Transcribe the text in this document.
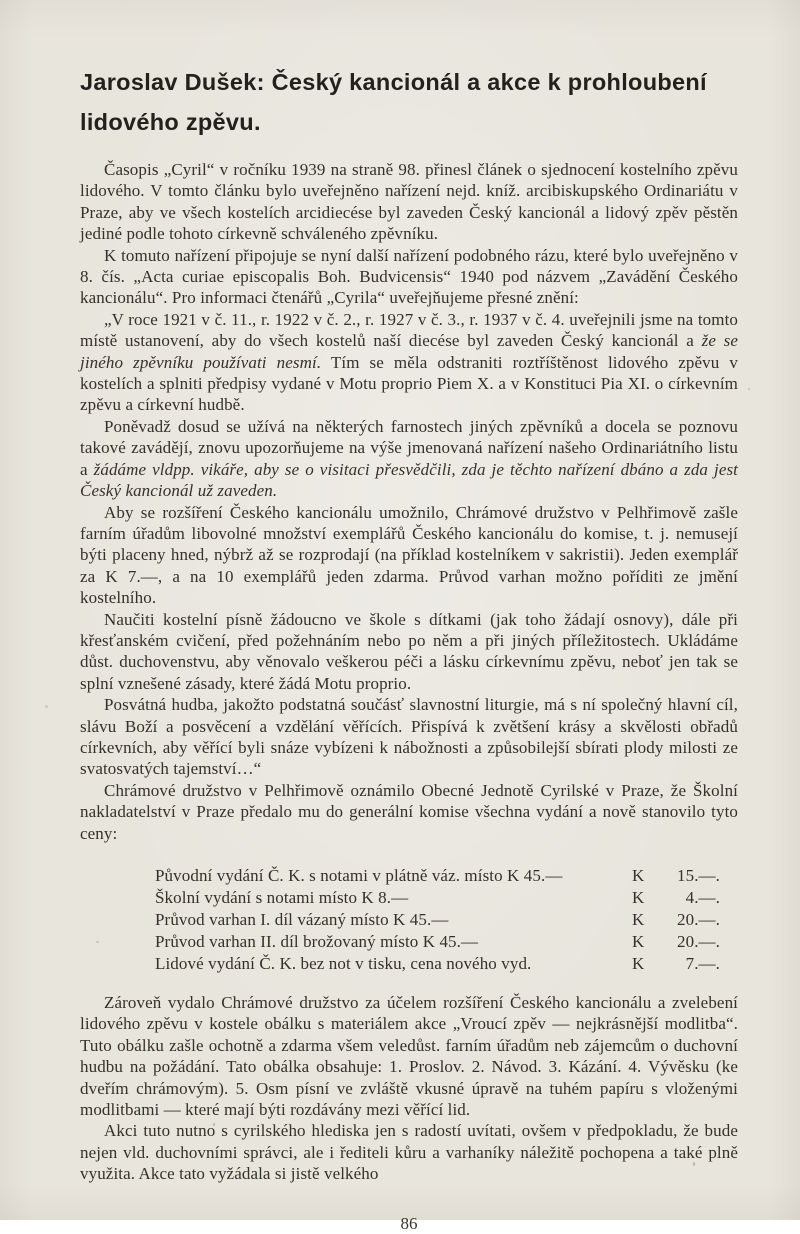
Jaroslav Dušek: Český kancionál a akce k prohloubení
lidového zpěvu.

Časopis „Cyril“ v ročníku 1939 na straně 98. přinesl článek o sjednocení kostelního zpěvu lidového. V tomto článku bylo uveřejněno nařízení nejd. kníž. arcibiskupského Ordinariátu v Praze, aby ve všech kostelích arcidiecése byl zaveden Český kancionál a lidový zpěv pěstěn jediné podle tohoto církevně schváleného zpěvníku.

K tomuto nařízení připojuje se nyní další nařízení podobného rázu, které bylo uveřejněno v 8. čís. „Acta curiae episcopalis Boh. Budvicensis“ 1940 pod názvem „Zavádění Českého kancionálu“. Pro informaci čtenářů „Cyrila“ uveřejňujeme přesné znění:

„V roce 1921 v č. 11., r. 1922 v č. 2., r. 1927 v č. 3., r. 1937 v č. 4. uveřejnili jsme na tomto místě ustanovení, aby do všech kostelů naší diecése byl zaveden Český kancionál a že se jiného zpěvníku používati nesmí. Tím se měla odstraniti roztříštěnost lidového zpěvu v kostelích a splniti předpisy vydané v Motu proprio Piem X. a v Konstituci Pia XI. o církevním zpěvu a církevní hudbě.

Poněvadž dosud se užívá na některých farnostech jiných zpěvníků a docela se poznovu takové zavádějí, znovu upozorňujeme na výše jmenovaná nařízení našeho Ordinariátního listu a žádáme vldpp. vikáře, aby se o visitaci přesvědčili, zda je těchto nařízení dbáno a zda jest Český kancionál už zaveden.

Aby se rozšíření Českého kancionálu umožnilo, Chrámové družstvo v Pelhřimově zašle farním úřadům libovolné množství exemplářů Českého kancionálu do komise, t. j. nemusejí býti placeny hned, nýbrž až se rozprodají (na příklad kostelníkem v sakristii). Jeden exemplář za K 7.—, a na 10 exemplářů jeden zdarma. Průvod varhan možno poříditi ze jmění kostelního.

Naučiti kostelní písně žádoucno ve škole s dítkami (jak toho žádají osnovy), dále při křesťanském cvičení, před požehnáním nebo po něm a při jiných příležitostech. Ukládáme důst. duchovenstvu, aby věnovalo veškerou péči a lásku církevnímu zpěvu, neboť jen tak se splní vznešené zásady, které žádá Motu proprio.

Posvátná hudba, jakožto podstatná součásť slavnostní liturgie, má s ní společný hlavní cíl, slávu Boží a posvěcení a vzdělání věřících. Přispívá k zvětšení krásy a skvělosti obřadů církevních, aby věřící byli snáze vybízeni k nábožnosti a způsobilejší sbírati plody milosti ze svatosvatých tajemství…“

Chrámové družstvo v Pelhřimově oznámilo Obecné Jednotě Cyrilské v Praze, že Školní nakladatelství v Praze předalo mu do generální komise všechna vydání a nově stanovilo tyto ceny:

Původní vydání Č. K. s notami v plátně váz. místo K 45.—	K	15.—.
Školní vydání s notami místo K 8.—	K	4.—.
Průvod varhan I. díl vázaný místo K 45.—	K	20.—.
Průvod varhan II. díl brožovaný místo K 45.—	K	20.—.
Lidové vydání Č. K. bez not v tisku, cena nového vyd.	K	7.—.

Zároveň vydalo Chrámové družstvo za účelem rozšíření Českého kancionálu a zvelebení lidového zpěvu v kostele obálku s materiálem akce „Vroucí zpěv — nejkrásnější modlitba“. Tuto obálku zašle ochotně a zdarma všem veledůst. farním úřadům neb zájemcům o duchovní hudbu na požádání. Tato obálka obsahuje: 1. Proslov. 2. Návod. 3. Kázání. 4. Vývěsku (ke dveřím chrámovým). 5. Osm písní ve zvláště vkusné úpravě na tuhém papíru s vloženými modlitbami — které mají býti rozdávány mezi věřící lid.

Akci tuto nutno s cyrilského hlediska jen s radostí uvítati, ovšem v předpokladu, že bude nejen vld. duchovními správci, ale i řediteli kůru a varhaníky náležitě pochopena a také plně využita. Akce tato vyžádala si jistě velkého

86
